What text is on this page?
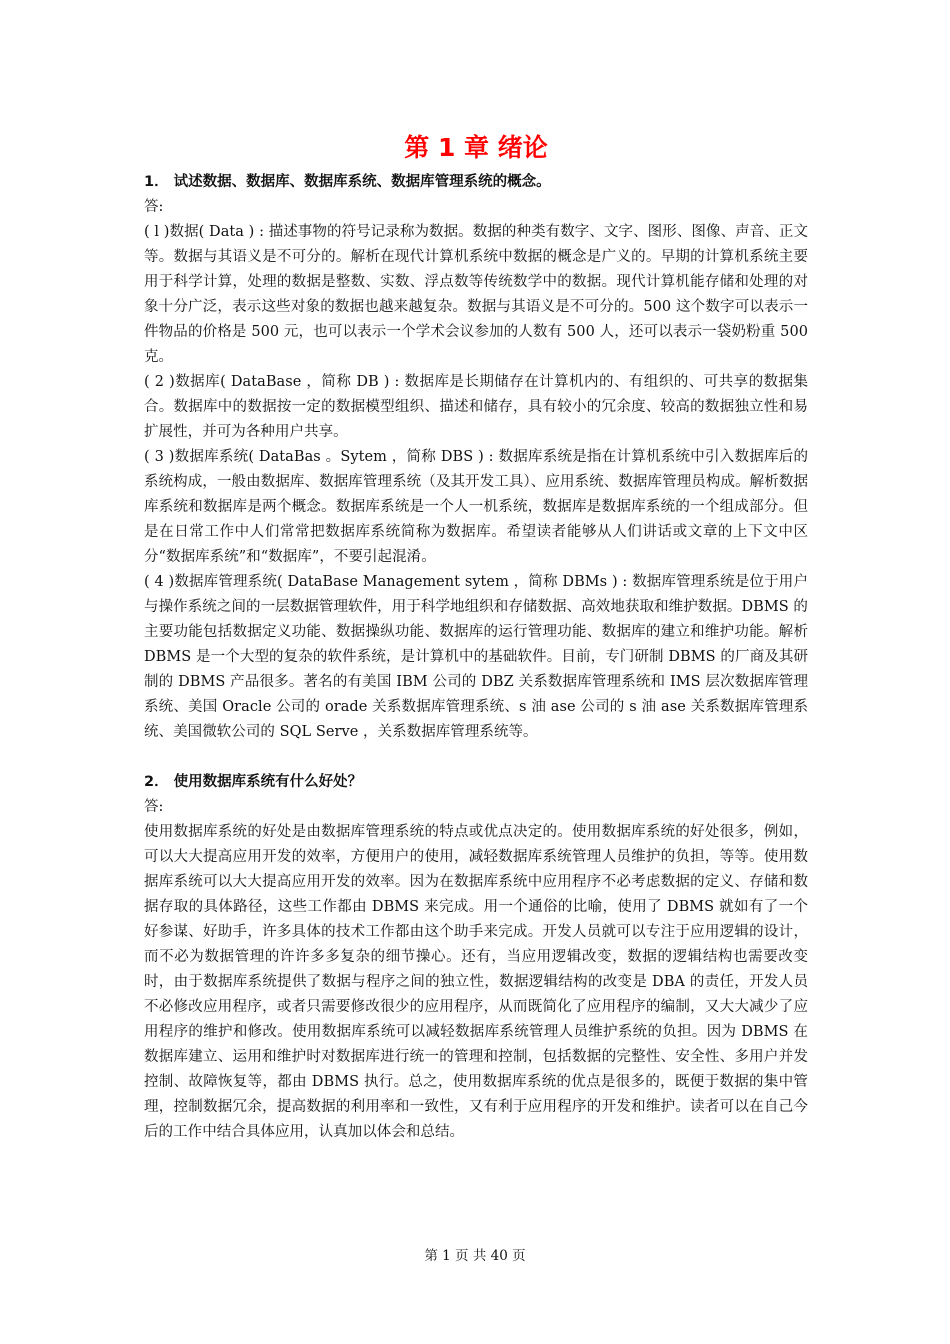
第 1 章 绪论

1． 试述数据、数据库、数据库系统、数据库管理系统的概念。

答:

( l )数据( Data ) : 描述事物的符号记录称为数据。数据的种类有数字、文字、图形、图像、声音、正文等。数据与其语义是不可分的。解析在现代计算机系统中数据的概念是广义的。早期的计算机系统主要用于科学计算，处理的数据是整数、实数、浮点数等传统数学中的数据。现代计算机能存储和处理的对象十分广泛，表示这些对象的数据也越来越复杂。数据与其语义是不可分的。500 这个数字可以表示一件物品的价格是 500 元，也可以表示一个学术会议参加的人数有 500 人，还可以表示一袋奶粉重 500 克。

( 2 )数据库( DataBase ，简称 DB ) : 数据库是长期储存在计算机内的、有组织的、可共享的数据集合。数据库中的数据按一定的数据模型组织、描述和储存，具有较小的冗余度、较高的数据独立性和易扩展性，并可为各种用户共享。

( 3 )数据库系统( DataBas 。Sytem ，简称 DBS ) : 数据库系统是指在计算机系统中引入数据库后的系统构成，一般由数据库、数据库管理系统（及其开发工具）、应用系统、数据库管理员构成。解析数据库系统和数据库是两个概念。数据库系统是一个人一机系统，数据库是数据库系统的一个组成部分。但是在日常工作中人们常常把数据库系统简称为数据库。希望读者能够从人们讲话或文章的上下文中区分“数据库系统”和“数据库”，不要引起混淆。

( 4 )数据库管理系统( DataBase Management sytem ，简称 DBMs ) : 数据库管理系统是位于用户与操作系统之间的一层数据管理软件，用于科学地组织和存储数据、高效地获取和维护数据。DBMS 的主要功能包括数据定义功能、数据操纵功能、数据库的运行管理功能、数据库的建立和维护功能。解析 DBMS 是一个大型的复杂的软件系统，是计算机中的基础软件。目前，专门研制 DBMS 的厂商及其研制的 DBMS 产品很多。著名的有美国 IBM 公司的 DBZ 关系数据库管理系统和 IMS 层次数据库管理系统、美国 Oracle 公司的 orade 关系数据库管理系统、s 油 ase 公司的 s 油 ase 关系数据库管理系统、美国微软公司的 SQL Serve ，关系数据库管理系统等。

2． 使用数据库系统有什么好处？

答:

使用数据库系统的好处是由数据库管理系统的特点或优点决定的。使用数据库系统的好处很多，例如，可以大大提高应用开发的效率，方便用户的使用，减轻数据库系统管理人员维护的负担，等等。使用数据库系统可以大大提高应用开发的效率。因为在数据库系统中应用程序不必考虑数据的定义、存储和数据存取的具体路径，这些工作都由 DBMS 来完成。用一个通俗的比喻，使用了 DBMS 就如有了一个好参谋、好助手，许多具体的技术工作都由这个助手来完成。开发人员就可以专注于应用逻辑的设计，而不必为数据管理的许许多多复杂的细节操心。还有，当应用逻辑改变，数据的逻辑结构也需要改变时，由于数据库系统提供了数据与程序之间的独立性，数据逻辑结构的改变是 DBA 的责任，开发人员不必修改应用程序，或者只需要修改很少的应用程序，从而既简化了应用程序的编制，又大大减少了应用程序的维护和修改。使用数据库系统可以减轻数据库系统管理人员维护系统的负担。因为 DBMS 在数据库建立、运用和维护时对数据库进行统一的管理和控制，包括数据的完整性、安全性、多用户并发控制、故障恢复等，都由 DBMS 执行。总之，使用数据库系统的优点是很多的，既便于数据的集中管理，控制数据冗余，提高数据的利用率和一致性，又有利于应用程序的开发和维护。读者可以在自己今后的工作中结合具体应用，认真加以体会和总结。

第 1 页 共 40 页
